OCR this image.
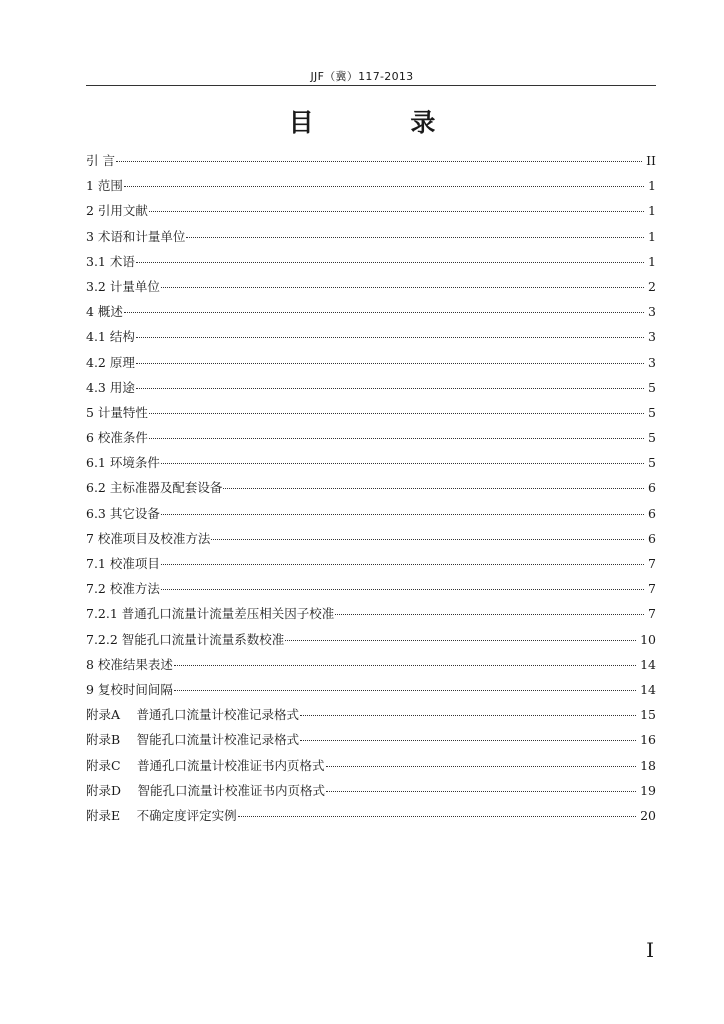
JJF（冀）117-2013
目 录
引 言	II
1 范围	1
2 引用文献	1
3 术语和计量单位	1
3.1 术语	1
3.2 计量单位	2
4 概述	3
4.1 结构	3
4.2 原理	3
4.3 用途	5
5 计量特性	5
6 校准条件	5
6.1 环境条件	5
6.2 主标准器及配套设备	6
6.3 其它设备	6
7 校准项目及校准方法	6
7.1 校准项目	7
7.2 校准方法	7
7.2.1 普通孔口流量计流量差压相关因子校准	7
7.2.2 智能孔口流量计流量系数校准	10
8 校准结果表述	14
9 复校时间间隔	14
附录A　 普通孔口流量计校准记录格式	15
附录B　 智能孔口流量计校准记录格式	16
附录C　 普通孔口流量计校准证书内页格式	18
附录D　 智能孔口流量计校准证书内页格式	19
附录E　 不确定度评定实例	20
I
